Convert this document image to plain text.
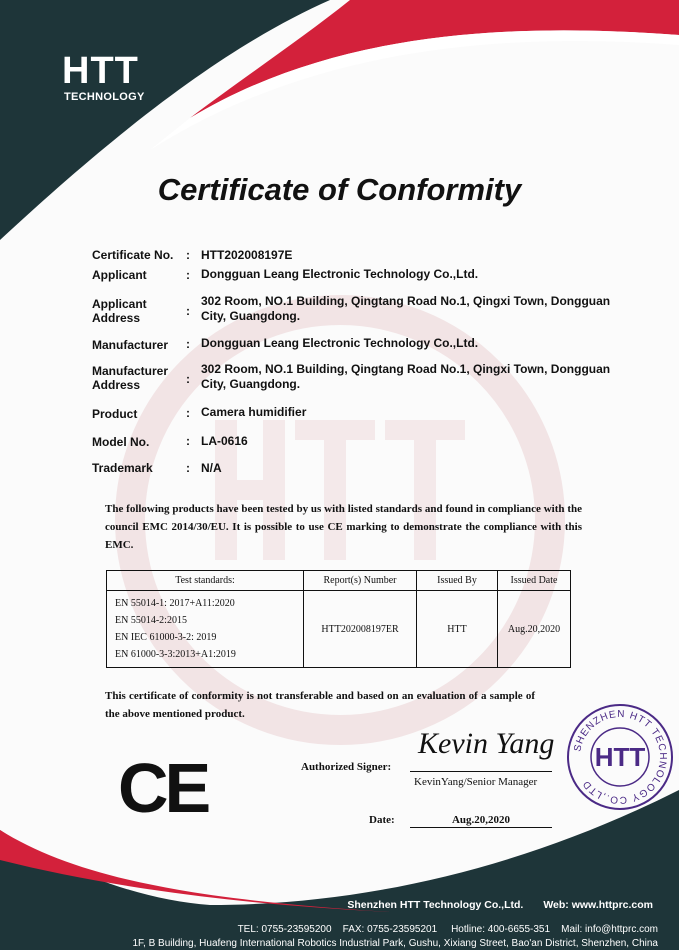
HTT
TECHNOLOGY
Certificate of Conformity
Certificate No. : HTT202008197E
Applicant	: Dongguan Leang Electronic Technology Co.,Ltd.
Applicant Address	:
302 Room, NO.1 Building, Qingtang Road No.1, Qingxi Town, Dongguan City, Guangdong.
Manufacturer : Dongguan Leang Electronic Technology Co.,Ltd.
Manufacturer Address	:
302 Room, NO.1 Building, Qingtang Road No.1, Qingxi Town, Dongguan City, Guangdong.
Product	: Camera humidifier
Model No.	: LA-0616
Trademark	: N/A
The following products have been tested by us with listed standards and found in compliance with the council EMC 2014/30/EU. It is possible to use CE marking to demonstrate the compliance with this EMC.
Test standards:	Report(s) Number	Issued By	Issued Date

EN 55014-1: 2017+A11:2020
EN 55014-2:2015
EN IEC 61000-3-2: 2019
EN 61000-3-3:2013+A1:2019	HTT202008197ER	HTT	Aug.20,2020
This certificate of conformity is not transferable and based on an evaluation of a sample of the above mentioned product.
CE	Authorized Signer:
Kevin Yang
KevinYang/Senior Manager
Date:	Aug.20,2020
SHENZHEN HTT TECHNOLOGY CO.,LTD
HTT
Shenzhen HTT Technology Co.,Ltd. Web: www.httprc.com
TEL: 0755-23595200    FAX: 0755-23595201     Hotline: 400-6655-351    Mail: info@httprc.com
1F, B Building, Huafeng International Robotics Industrial Park, Gushu, Xixiang Street, Bao'an District, Shenzhen, China
